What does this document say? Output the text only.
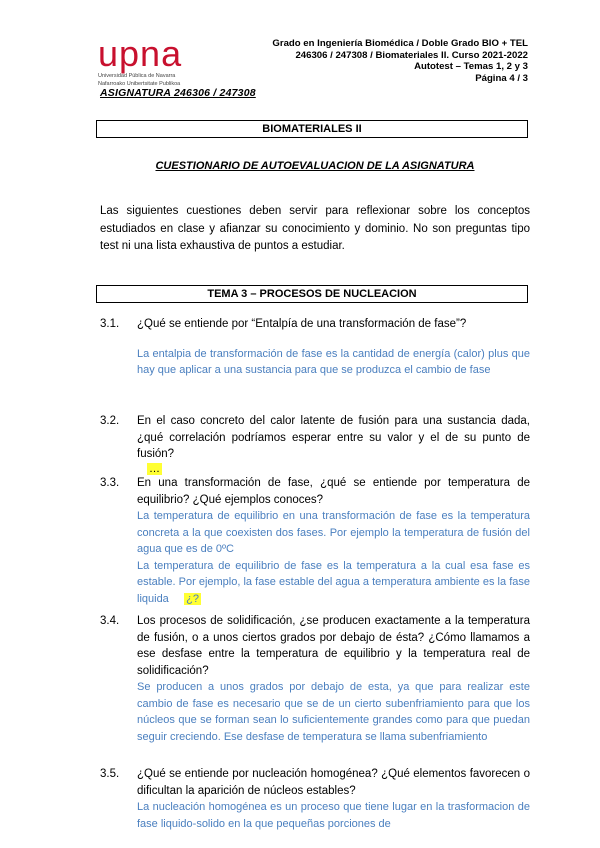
upna
Universidad Pública de Navarra
Nafarroako Unibertsitate Publikoa
Grado en Ingeniería Biomédica / Doble Grado BIO + TEL
246306 / 247308 / Biomateriales II. Curso 2021-2022
Autotest – Temas 1, 2 y 3
Página 4 / 3
ASIGNATURA 246306 / 247308
BIOMATERIALES II
CUESTIONARIO DE AUTOEVALUACION DE LA ASIGNATURA
Las siguientes cuestiones deben servir para reflexionar sobre los conceptos estudiados en clase y afianzar su conocimiento y dominio. No son preguntas tipo test ni una lista exhaustiva de puntos a estudiar.
TEMA 3 – PROCESOS DE NUCLEACION
3.1.	¿Qué se entiende por “Entalpía de una transformación de fase”?
La entalpia de transformación de fase es la cantidad de energía (calor) plus que hay que aplicar a una sustancia para que se produzca el cambio de fase
3.2.	En el caso concreto del calor latente de fusión para una sustancia dada, ¿qué correlación podríamos esperar entre su valor y el de su punto de fusión?
…
3.3.	En una transformación de fase, ¿qué se entiende por temperatura de equilibrio? ¿Qué ejemplos conoces?
La temperatura de equilibrio en una transformación de fase es la temperatura concreta a la que coexisten dos fases. Por ejemplo la temperatura de fusión del agua que es de 0ºC
La temperatura de equilibrio de fase es la temperatura a la cual esa fase es estable. Por ejemplo, la fase estable del agua a temperatura ambiente es la fase liquida ¿?
3.4.	Los procesos de solidificación, ¿se producen exactamente a la temperatura de fusión, o a unos ciertos grados por debajo de ésta? ¿Cómo llamamos a ese desfase entre la temperatura de equilibrio y la temperatura real de solidificación?
Se producen a unos grados por debajo de esta, ya que para realizar este cambio de fase es necesario que se de un cierto subenfriamiento para que los núcleos que se forman sean lo suficientemente grandes como para que puedan seguir creciendo. Ese desfase de temperatura se llama subenfriamiento
3.5.	¿Qué se entiende por nucleación homogénea? ¿Qué elementos favorecen o dificultan la aparición de núcleos estables?
La nucleación homogénea es un proceso que tiene lugar en la trasformacion de fase liquido-solido en la que pequeñas porciones de
